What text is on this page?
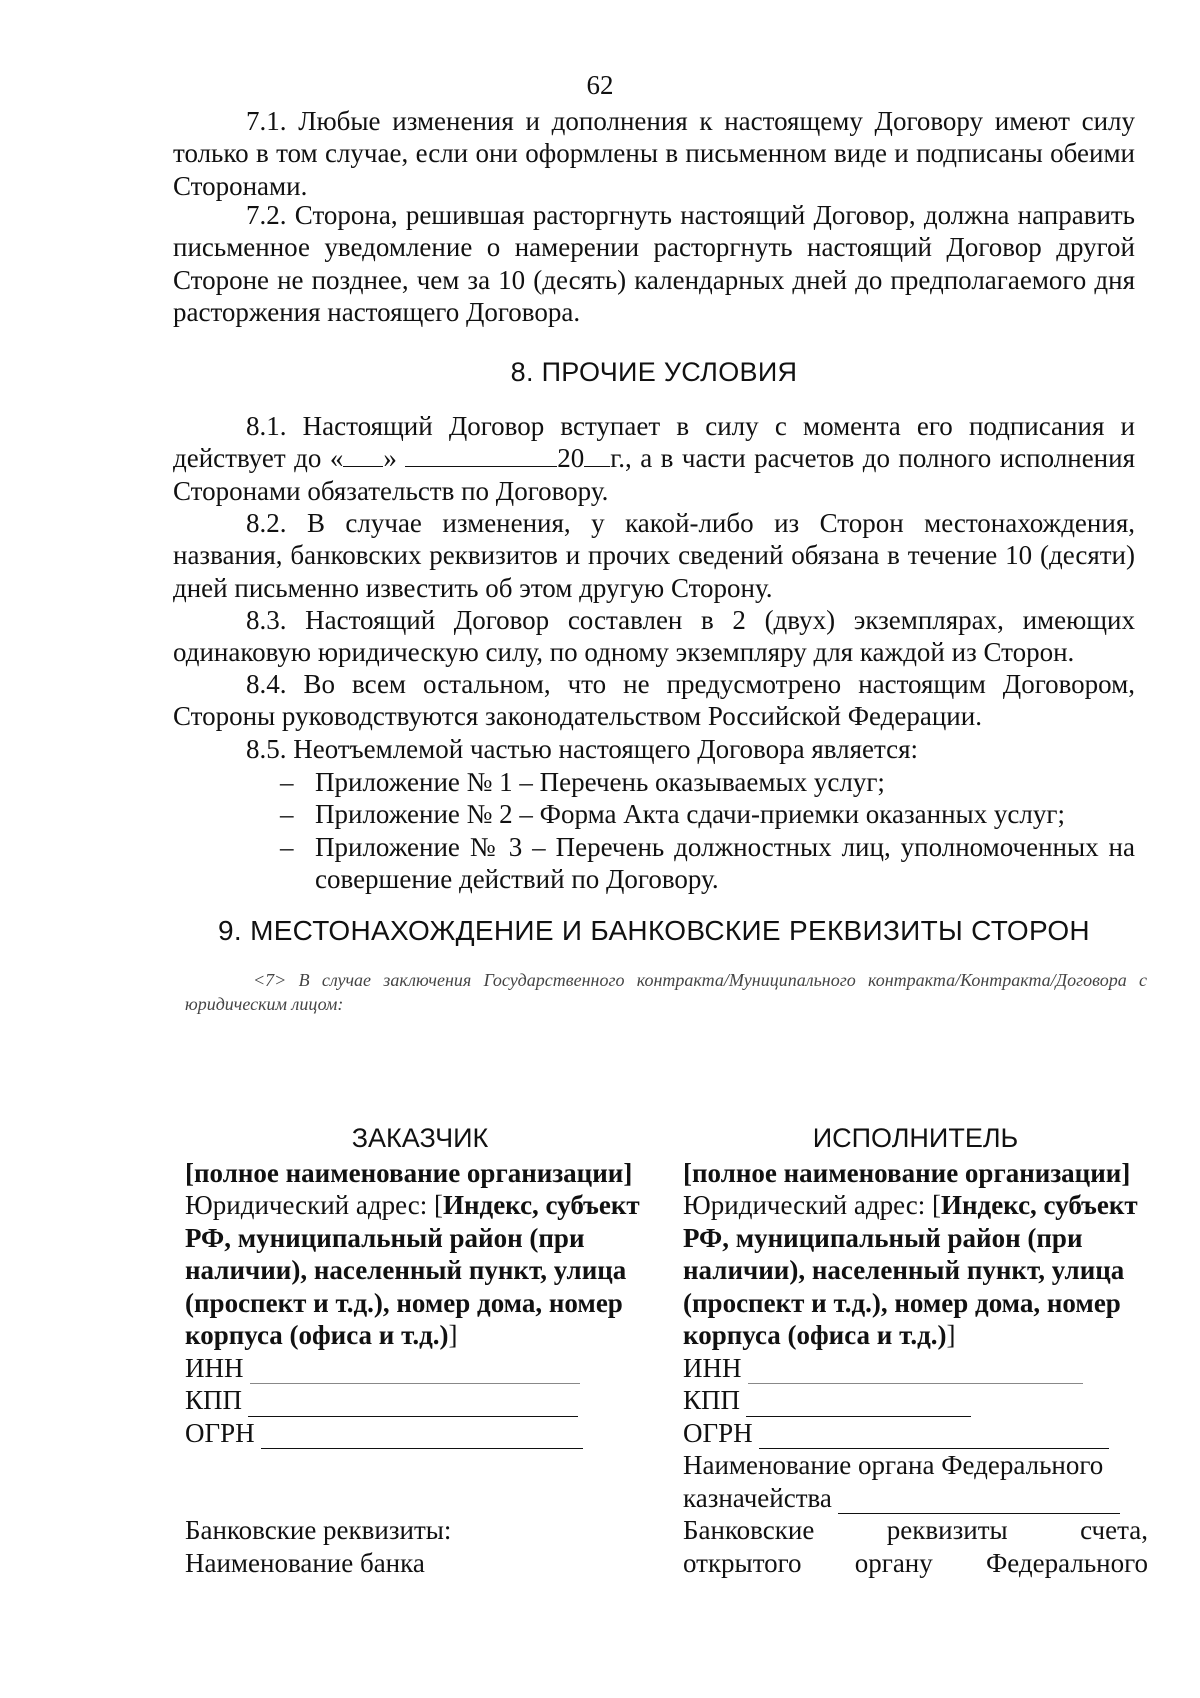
62

7.1. Любые изменения и дополнения к настоящему Договору имеют силу только в том случае, если они оформлены в письменном виде и подписаны обеими Сторонами.

7.2. Сторона, решившая расторгнуть настоящий Договор, должна направить письменное уведомление о намерении расторгнуть настоящий Договор другой Стороне не позднее, чем за 10 (десять) календарных дней до предполагаемого дня расторжения настоящего Договора.

8. ПРОЧИЕ УСЛОВИЯ

8.1. Настоящий Договор вступает в силу с момента его подписания и действует до « »	20 г., а в части расчетов до полного исполнения Сторонами обязательств по Договору.

8.2. В случае изменения, у какой-либо из Сторон местонахождения, названия, банковских реквизитов и прочих сведений обязана в течение 10 (десяти) дней письменно известить об этом другую Сторону.

8.3. Настоящий Договор составлен в 2 (двух) экземплярах, имеющих одинаковую юридическую силу, по одному экземпляру для каждой из Сторон.

8.4. Во всем остальном, что не предусмотрено настоящим Договором, Стороны руководствуются законодательством Российской Федерации.

8.5. Неотъемлемой частью настоящего Договора является:

– Приложение № 1 – Перечень оказываемых услуг;
– Приложение № 2 – Форма Акта сдачи-приемки оказанных услуг;
– Приложение № 3 – Перечень должностных лиц, уполномоченных на совершение действий по Договору.
9. МЕСТОНАХОЖДЕНИЕ И БАНКОВСКИЕ РЕКВИЗИТЫ СТОРОН

<7> В случае заключения Государственного контракта/Муниципального контракта/Контракта/Договора с юридическим лицом:

ЗАКАЗЧИК
[полное наименование организации]
Юридический адрес: [Индекс, субъект РФ, муниципальный район (при наличии), населенный пункт, улица (проспект и т.д.), номер дома, номер корпуса (офиса и т.д.)]
ИНН
КПП
ОГРН
Банковские реквизиты:
Наименование банка
ИСПОЛНИТЕЛЬ
[полное наименование организации]
Юридический адрес: [Индекс, субъект РФ, муниципальный район (при наличии), населенный пункт, улица (проспект и т.д.), номер дома, номер корпуса (офиса и т.д.)]
ИНН
КПП
ОГРН
Наименование органа Федерального
казначейства
Банковские реквизиты счета,
открытого органу Федерального
